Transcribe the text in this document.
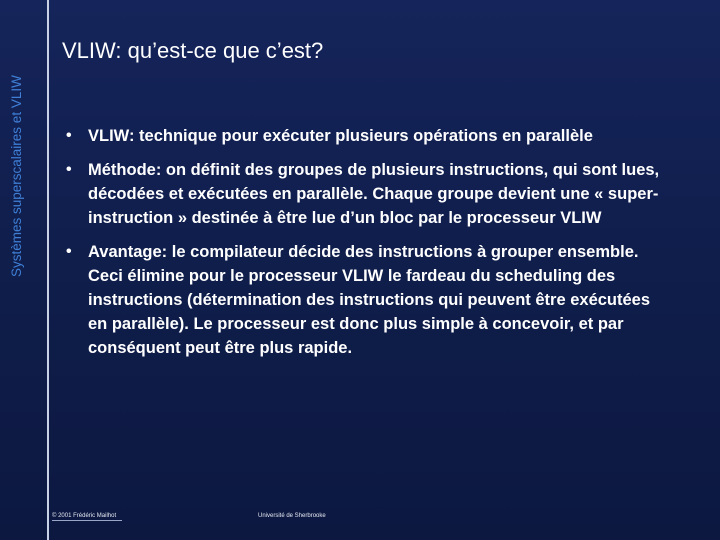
Systèmes superscalaires et VLIW
VLIW: qu’est-ce que c’est?
• VLIW: technique pour exécuter plusieurs opérations en parallèle
• Méthode: on définit des groupes de plusieurs instructions, qui sont lues, décodées et exécutées en parallèle. Chaque groupe devient une « super-instruction » destinée à être lue d’un bloc par le processeur VLIW
• Avantage: le compilateur décide des instructions à grouper ensemble. Ceci élimine pour le processeur VLIW le fardeau du scheduling des instructions (détermination des instructions qui peuvent être exécutées en parallèle). Le processeur est donc plus simple à concevoir, et par conséquent peut être plus rapide.
© 2001 Frédéric Mailhot	Université de Sherbrooke
